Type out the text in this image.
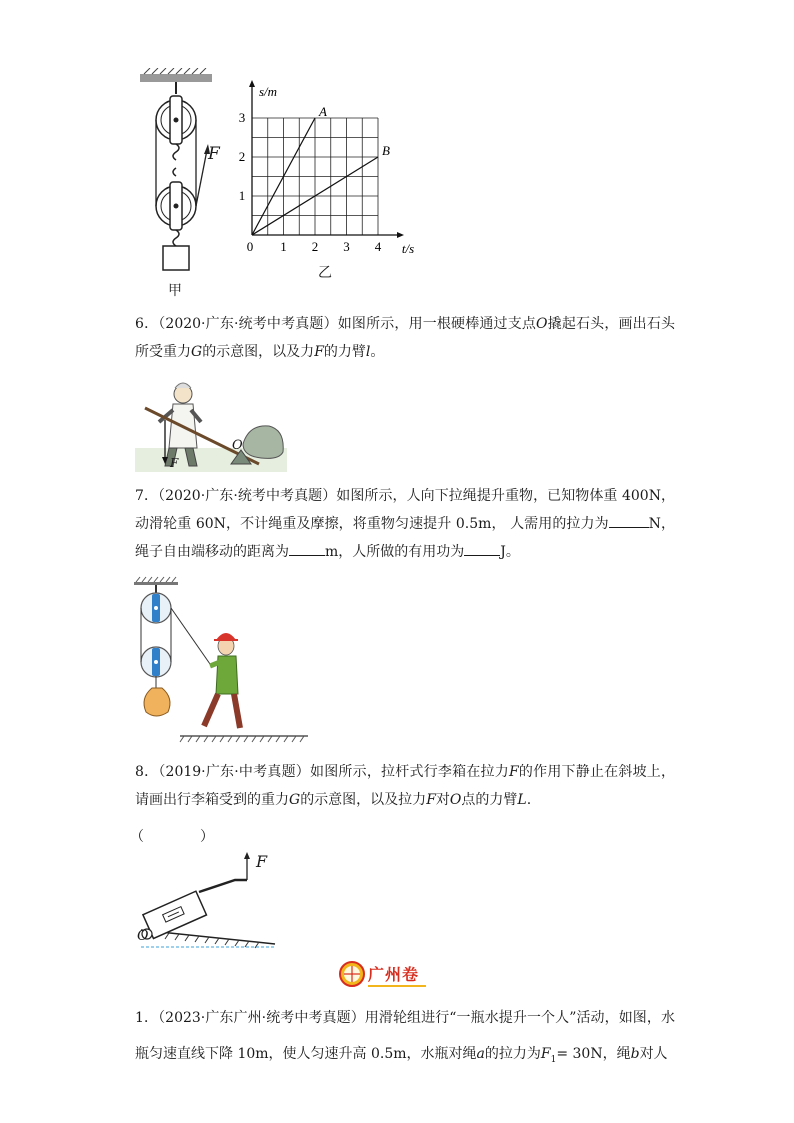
F
甲
0 1 2 3 4
1
2
3
t/s
s/m
A
B
乙
6．（2020·广东·统考中考真题）如图所示，用一根硬棒通过支点O撬起石头，画出石头所受重力G的示意图，以及力F的力臂l。
O
F
7．（2020·广东·统考中考真题）如图所示，人向下拉绳提升重物，已知物体重 400N，动滑轮重 60N，不计绳重及摩擦，将重物匀速提升 0.5m， 人需用的拉力为	N，绳子自由端移动的距离为	m，人所做的有用功为	J。
8．（2019·广东·中考真题）如图所示，拉杆式行李箱在拉力F的作用下静止在斜坡上，请画出行李箱受到的重力G的示意图，以及拉力F对O点的力臂L.
（　　　　）
F
O
广州卷
1．（2023·广东广州·统考中考真题）用滑轮组进行“一瓶水提升一个人”活动，如图，水瓶匀速直线下降 10m，使人匀速升高 0.5m，水瓶对绳a的拉力为$F_1= 30N$，绳b对人
